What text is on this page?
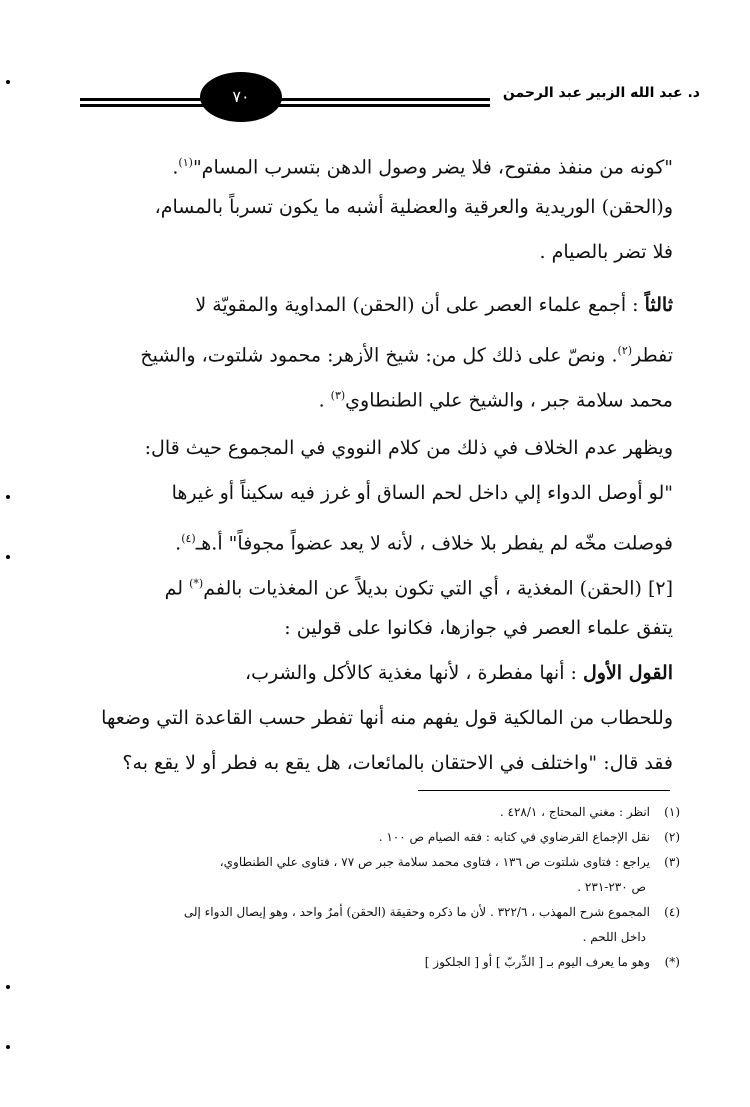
٧٠	د. عبد الله الزبير عبد الرحمن
"كونه من منفذ مفتوح، فلا يضر وصول الدهن بتسرب المسام"$^{(١)}$.
و(الحقن) الوريدية والعرقية والعضلية أشبه ما يكون تسرباً بالمسام،
فلا تضر بالصيام .
ثالثاً : أجمع علماء العصر على أن (الحقن) المداوية والمقويّة لا
تفطر$^{(٢)}$. ونصّ على ذلك كل من: شيخ الأزهر: محمود شلتوت، والشيخ
محمد سلامة جبر ، والشيخ علي الطنطاوي$^{(٣)}$ .
ويظهر عدم الخلاف في ذلك من كلام النووي في المجموع حيث قال:
"لو أوصل الدواء إلي داخل لحم الساق أو غرز فيه سكيناً أو غيرها
فوصلت مخّه لم يفطر بلا خلاف ، لأنه لا يعد عضواً مجوفاً" أ.هـ$^{(٤)}$.
[٢] (الحقن) المغذية ، أي التي تكون بديلاً عن المغذيات بالفم(*) لم
يتفق علماء العصر في جوازها، فكانوا على قولين :
القول الأول : أنها مفطرة ، لأنها مغذية كالأكل والشرب،
وللحطاب من المالكية قول يفهم منه أنها تفطر حسب القاعدة التي وضعها
فقد قال: "واختلف في الاحتقان بالمائعات، هل يقع به فطر أو لا يقع به؟
(١)انظر : مغني المحتاج ، ٤٢٨/١ .
(٢)نقل الإجماع القرضاوي في كتابه : فقه الصيام ص ١٠٠ .
(٣)يراجع : فتاوى شلتوت ص ١٣٦ ، فتاوى محمد سلامة جبر ص ٧٧ ، فتاوى علي الطنطاوي،
ص ٢٣٠-٢٣١ .
(٤)المجموع شرح المهذب ، ٣٢٢/٦ . لأن ما ذكره وحقيقة (الحقن) أمرٌ واحد ، وهو إيصال الدواء إلى
داخل اللحم .
(*)وهو ما يعرف اليوم بـ [ الدِّربّ ] أو [ الجلكوز ]
